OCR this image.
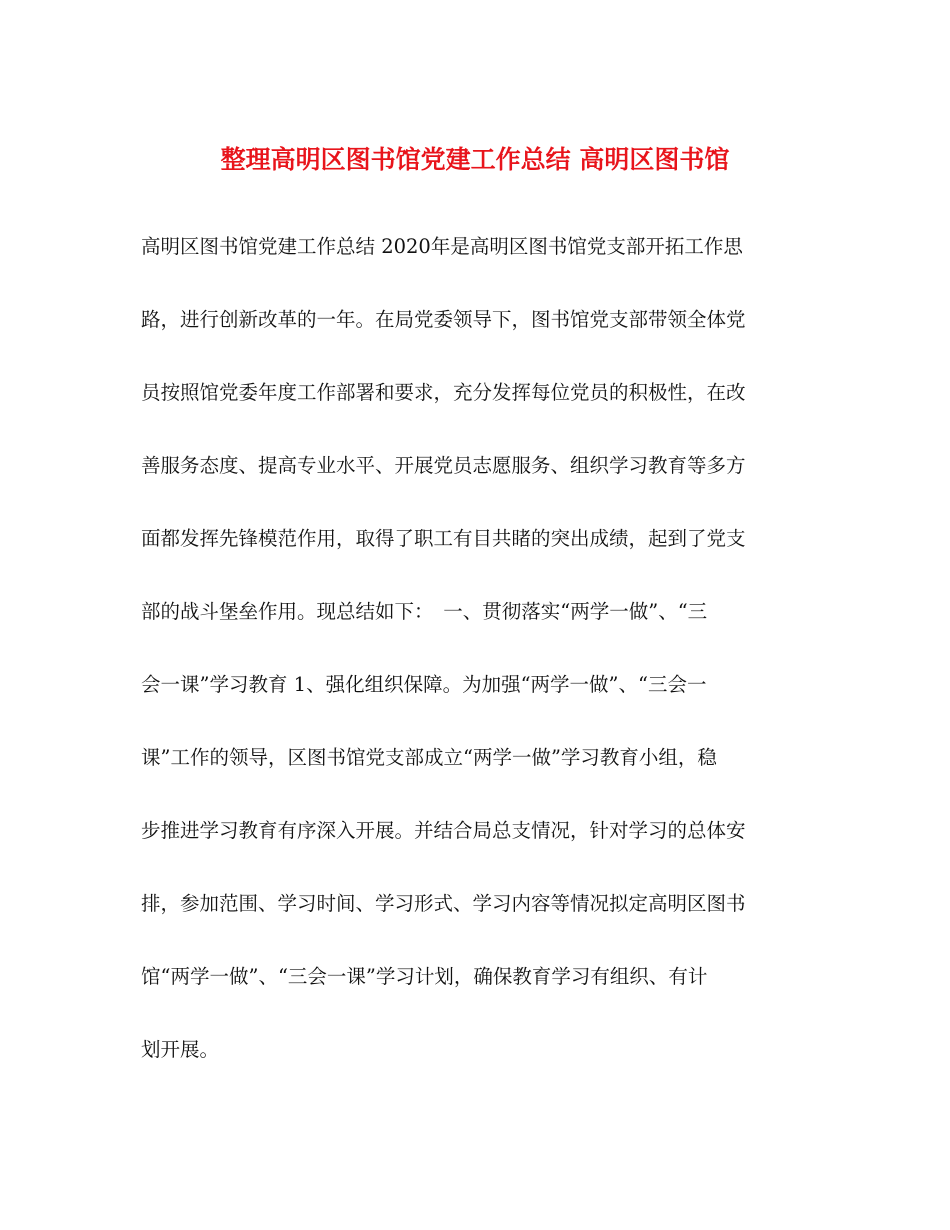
整理高明区图书馆党建工作总结 高明区图书馆
高明区图书馆党建工作总结 2020年是高明区图书馆党支部开拓工作思
路，进行创新改革的一年。在局党委领导下，图书馆党支部带领全体党
员按照馆党委年度工作部署和要求，充分发挥每位党员的积极性，在改
善服务态度、提高专业水平、开展党员志愿服务、组织学习教育等多方
面都发挥先锋模范作用，取得了职工有目共睹的突出成绩，起到了党支
部的战斗堡垒作用。现总结如下：　一、贯彻落实“两学一做”、“三
会一课”学习教育 1、强化组织保障。为加强“两学一做”、“三会一
课”工作的领导，区图书馆党支部成立“两学一做”学习教育小组，稳
步推进学习教育有序深入开展。并结合局总支情况，针对学习的总体安
排，参加范围、学习时间、学习形式、学习内容等情况拟定高明区图书
馆“两学一做”、“三会一课”学习计划，确保教育学习有组织、有计
划开展。
